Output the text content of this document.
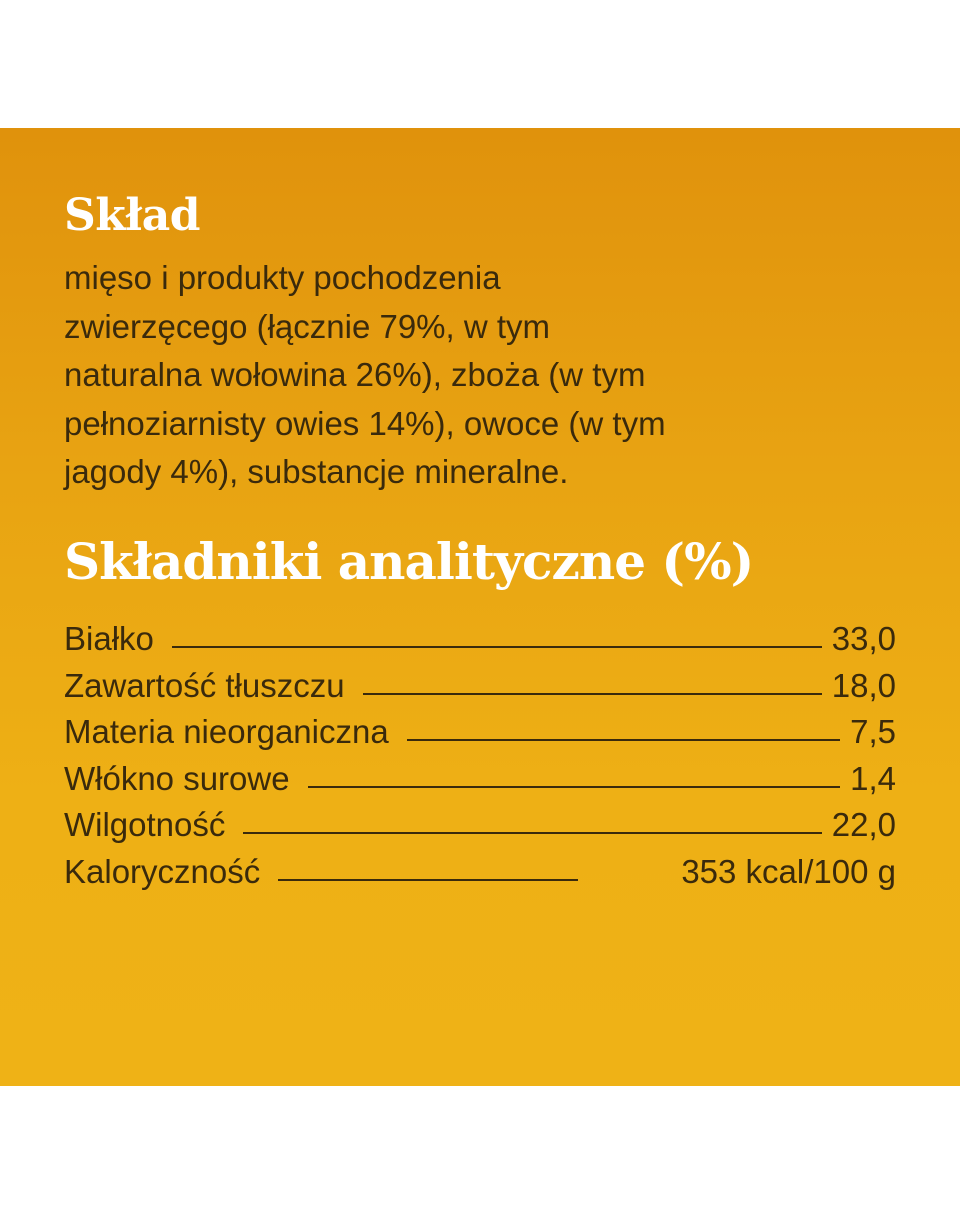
Skład

mięso i produkty pochodzenia
zwierzęcego (łącznie 79%, w tym
naturalna wołowina 26%), zboża (w tym
pełnoziarnisty owies 14%), owoce (w tym
jagody 4%), substancje mineralne.

Składniki analityczne (%)
Białko	33,0
Zawartość tłuszczu	18,0
Materia nieorganiczna	7,5
Włókno surowe	1,4
Wilgotność	22,0
Kaloryczność	353 kcal/100 g
